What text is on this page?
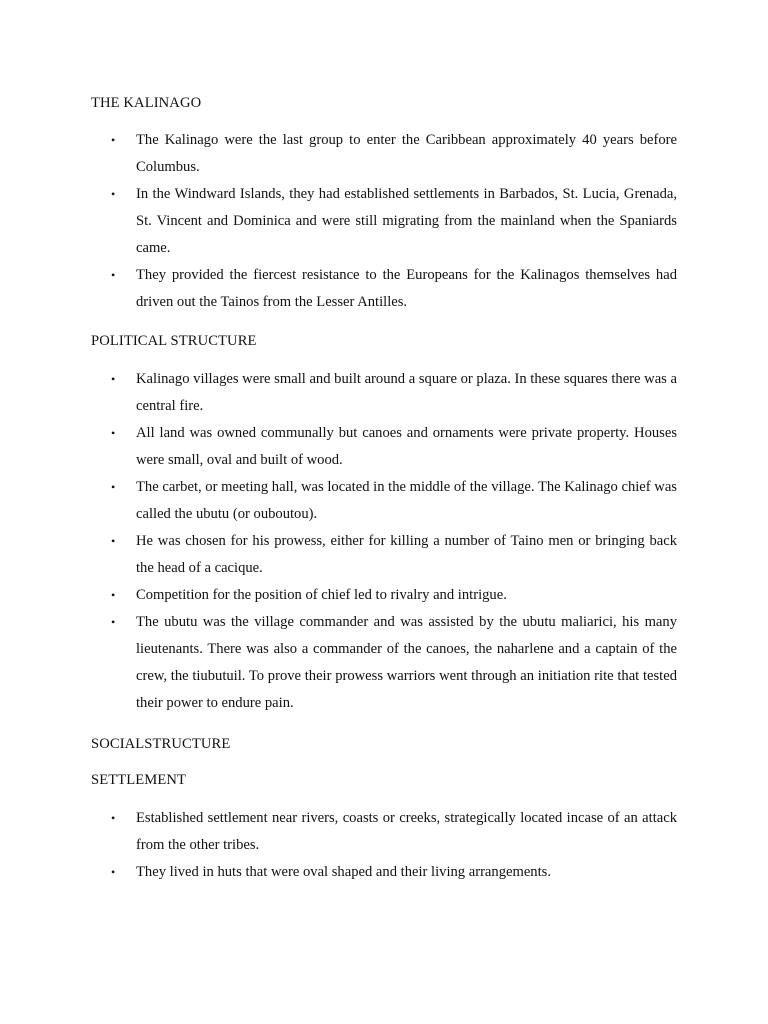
THE KALINAGO
• The Kalinago were the last group to enter the Caribbean approximately 40 years before Columbus.
• In the Windward Islands, they had established settlements in Barbados, St. Lucia, Grenada, St. Vincent and Dominica and were still migrating from the mainland when the Spaniards came.
• They provided the fiercest resistance to the Europeans for the Kalinagos themselves had driven out the Tainos from the Lesser Antilles.
POLITICAL STRUCTURE
• Kalinago villages were small and built around a square or plaza. In these squares there was a central fire.
• All land was owned communally but canoes and ornaments were private property. Houses were small, oval and built of wood.
• The carbet, or meeting hall, was located in the middle of the village. The Kalinago chief was called the ubutu (or ouboutou).
• He was chosen for his prowess, either for killing a number of Taino men or bringing back the head of a cacique.
• Competition for the position of chief led to rivalry and intrigue.
• The ubutu was the village commander and was assisted by the ubutu maliarici, his many lieutenants. There was also a commander of the canoes, the naharlene and a captain of the crew, the tiubutuil. To prove their prowess warriors went through an initiation rite that tested their power to endure pain.
SOCIALSTRUCTURE
SETTLEMENT
• Established settlement near rivers, coasts or creeks, strategically located incase of an attack from the other tribes.
• They lived in huts that were oval shaped and their living arrangements.
